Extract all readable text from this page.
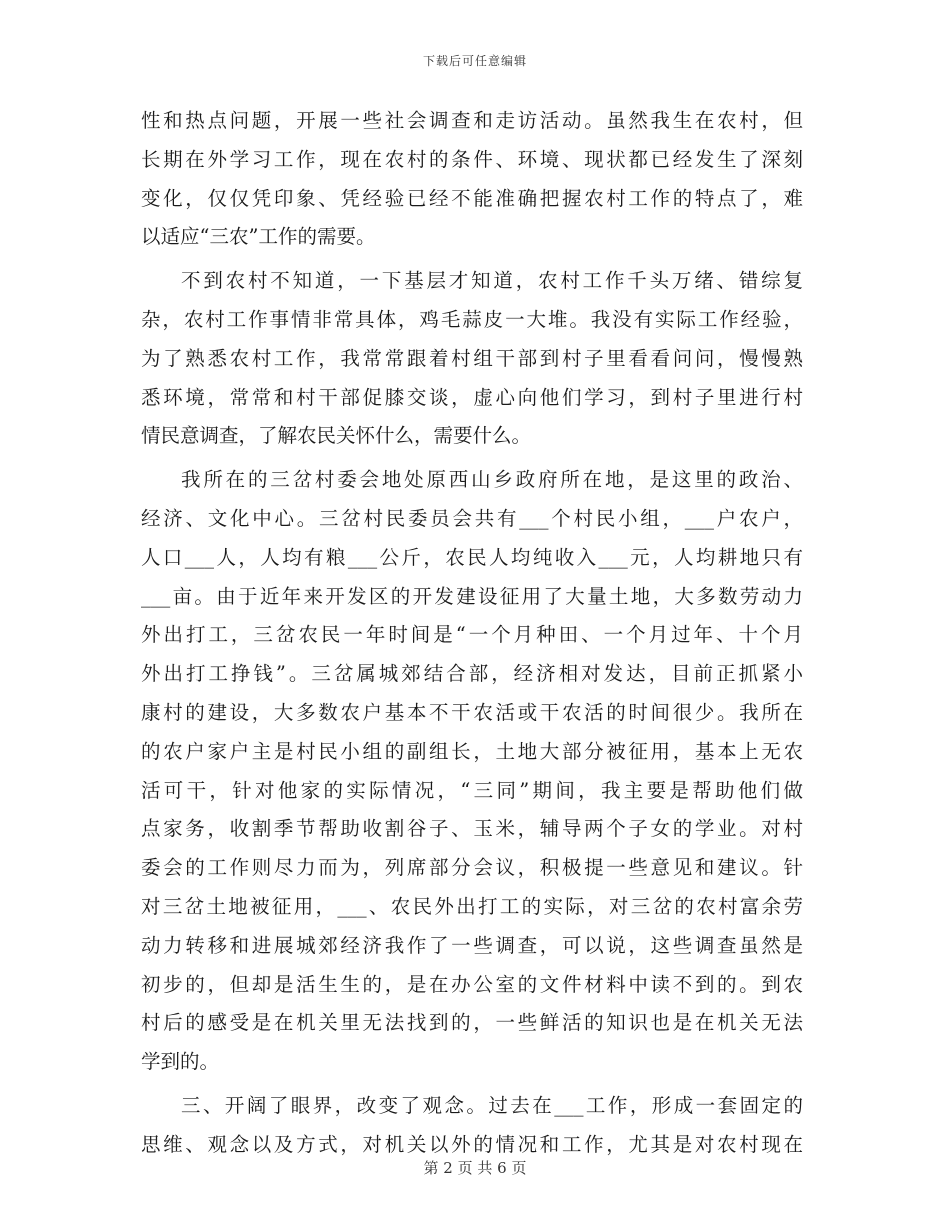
下载后可任意编辑
性和热点问题，开展一些社会调查和走访活动。虽然我生在农村，但
长期在外学习工作，现在农村的条件、环境、现状都已经发生了深刻
变化，仅仅凭印象、凭经验已经不能准确把握农村工作的特点了，难
以适应“三农”工作的需要。
不到农村不知道，一下基层才知道，农村工作千头万绪、错综复
杂，农村工作事情非常具体，鸡毛蒜皮一大堆。我没有实际工作经验，
为了熟悉农村工作，我常常跟着村组干部到村子里看看问问，慢慢熟
悉环境，常常和村干部促膝交谈，虚心向他们学习，到村子里进行村
情民意调查，了解农民关怀什么，需要什么。
我所在的三岔村委会地处原西山乡政府所在地，是这里的政治、
经济、文化中心。三岔村民委员会共有___个村民小组，___户农户，
人口___人，人均有粮___公斤，农民人均纯收入___元，人均耕地只有
___亩。由于近年来开发区的开发建设征用了大量土地，大多数劳动力
外出打工，三岔农民一年时间是“一个月种田、一个月过年、十个月
外出打工挣钱”。三岔属城郊结合部，经济相对发达，目前正抓紧小
康村的建设，大多数农户基本不干农活或干农活的时间很少。我所在
的农户家户主是村民小组的副组长，土地大部分被征用，基本上无农
活可干，针对他家的实际情况，“三同”期间，我主要是帮助他们做
点家务，收割季节帮助收割谷子、玉米，辅导两个子女的学业。对村
委会的工作则尽力而为，列席部分会议，积极提一些意见和建议。针
对三岔土地被征用，___、农民外出打工的实际，对三岔的农村富余劳
动力转移和进展城郊经济我作了一些调查，可以说，这些调查虽然是
初步的，但却是活生生的，是在办公室的文件材料中读不到的。到农
村后的感受是在机关里无法找到的，一些鲜活的知识也是在机关无法
学到的。
三、开阔了眼界，改变了观念。过去在___工作，形成一套固定的
思维、观念以及方式，对机关以外的情况和工作，尤其是对农村现在
第 2 页 共 6 页
